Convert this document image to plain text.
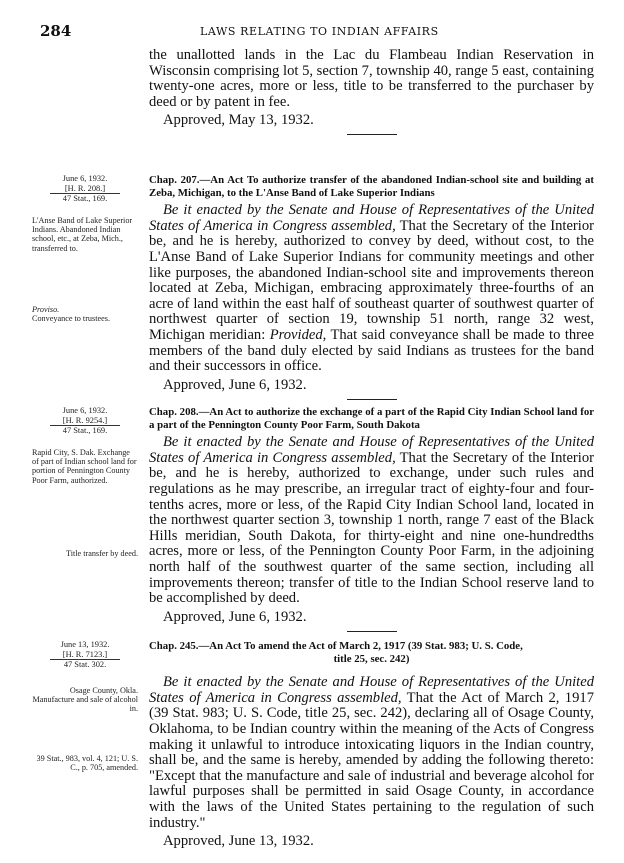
284	LAWS RELATING TO INDIAN AFFAIRS

the unallotted lands in the Lac du Flambeau Indian Reservation in Wisconsin comprising lot 5, section 7, township 40, range 5 east, containing twenty-one acres, more or less, title to be transferred to the purchaser by deed or by patent in fee.

Approved, May 13, 1932.

June 6, 1932.
[H. R. 208.]
47 Stat., 169.
L'Anse Band of Lake Superior Indians. Abandoned Indian school, etc., at Zeba, Mich., transferred to.
Proviso.
Conveyance to trustees.

Chap. 207.—An Act To authorize transfer of the abandoned Indian-school site and building at Zeba, Michigan, to the L'Anse Band of Lake Superior Indians

Be it enacted by the Senate and House of Representatives of the United States of America in Congress assembled, That the Secretary of the Interior be, and he is hereby, authorized to convey by deed, without cost, to the L'Anse Band of Lake Superior Indians for community meetings and other like purposes, the abandoned Indian-school site and improvements thereon located at Zeba, Michigan, embracing approximately three-fourths of an acre of land within the east half of southeast quarter of southwest quarter of northwest quarter of section 19, township 51 north, range 32 west, Michigan meridian: Provided, That said conveyance shall be made to three members of the band duly elected by said Indians as trustees for the band and their successors in office.

Approved, June 6, 1932.

June 6, 1932.
[H. R. 9254.]
47 Stat., 169.
Rapid City, S. Dak. Exchange of part of Indian school land for portion of Pennington County Poor Farm, authorized.
Title transfer by deed.

Chap. 208.—An Act to authorize the exchange of a part of the Rapid City Indian School land for a part of the Pennington County Poor Farm, South Dakota

Be it enacted by the Senate and House of Representatives of the United States of America in Congress assembled, That the Secretary of the Interior be, and he is hereby, authorized to exchange, under such rules and regulations as he may prescribe, an irregular tract of eighty-four and four-tenths acres, more or less, of the Rapid City Indian School land, located in the northwest quarter section 3, township 1 north, range 7 east of the Black Hills meridian, South Dakota, for thirty-eight and nine one-hundredths acres, more or less, of the Pennington County Poor Farm, in the adjoining north half of the southwest quarter of the same section, including all improvements thereon; transfer of title to the Indian School reserve land to be accomplished by deed.

Approved, June 6, 1932.

June 13, 1932.
[H. R. 7123.]
47 Stat. 302.
Osage County, Okla. Manufacture and sale of alcohol in.
39 Stat., 983, vol. 4, 121; U. S. C., p. 705, amended.

Chap. 245.—An Act To amend the Act of March 2, 1917 (39 Stat. 983; U. S. Code,
title 25, sec. 242)

Be it enacted by the Senate and House of Representatives of the United States of America in Congress assembled, That the Act of March 2, 1917 (39 Stat. 983; U. S. Code, title 25, sec. 242), declaring all of Osage County, Oklahoma, to be Indian country within the meaning of the Acts of Congress making it unlawful to introduce intoxicating liquors in the Indian country, shall be, and the same is hereby, amended by adding the following thereto: "Except that the manufacture and sale of industrial and beverage alcohol for lawful purposes shall be permitted in said Osage County, in accordance with the laws of the United States pertaining to the regulation of such industry."

Approved, June 13, 1932.
